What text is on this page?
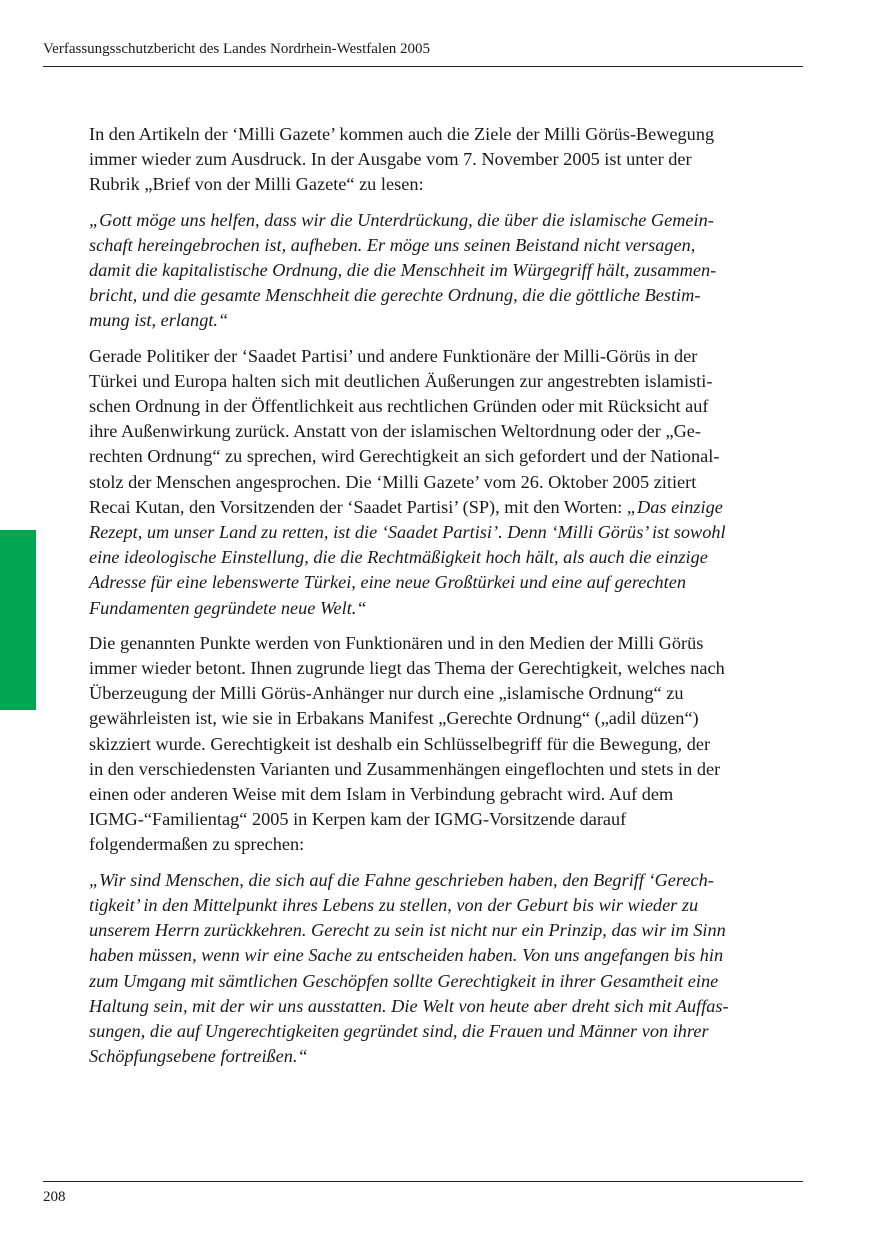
Verfassungsschutzbericht des Landes Nordrhein-Westfalen 2005

In den Artikeln der ‘Milli Gazete’ kommen auch die Ziele der Milli Görüs-Bewegung
immer wieder zum Ausdruck. In der Ausgabe vom 7. November 2005 ist unter der
Rubrik „Brief von der Milli Gazete“ zu lesen:

„Gott möge uns helfen, dass wir die Unterdrückung, die über die islamische Gemein-
schaft hereingebrochen ist, aufheben. Er möge uns seinen Beistand nicht versagen,
damit die kapitalistische Ordnung, die die Menschheit im Würgegriff hält, zusammen-
bricht, und die gesamte Menschheit die gerechte Ordnung, die die göttliche Bestim-
mung ist, erlangt.“

Gerade Politiker der ‘Saadet Partisi’ und andere Funktionäre der Milli-Görüs in der
Türkei und Europa halten sich mit deutlichen Äußerungen zur angestrebten islamisti-
schen Ordnung in der Öffentlichkeit aus rechtlichen Gründen oder mit Rücksicht auf
ihre Außenwirkung zurück. Anstatt von der islamischen Weltordnung oder der „Ge-
rechten Ordnung“ zu sprechen, wird Gerechtigkeit an sich gefordert und der National-
stolz der Menschen angesprochen. Die ‘Milli Gazete’ vom 26. Oktober 2005 zitiert
Recai Kutan, den Vorsitzenden der ‘Saadet Partisi’ (SP), mit den Worten: „Das einzige
Rezept, um unser Land zu retten, ist die ‘Saadet Partisi’. Denn ‘Milli Görüs’ ist sowohl
eine ideologische Einstellung, die die Rechtmäßigkeit hoch hält, als auch die einzige
Adresse für eine lebenswerte Türkei, eine neue Großtürkei und eine auf gerechten
Fundamenten gegründete neue Welt.“

Die genannten Punkte werden von Funktionären und in den Medien der Milli Görüs
immer wieder betont. Ihnen zugrunde liegt das Thema der Gerechtigkeit, welches nach
Überzeugung der Milli Görüs-Anhänger nur durch eine „islamische Ordnung“ zu
gewährleisten ist, wie sie in Erbakans Manifest „Gerechte Ordnung“ („adil düzen“)
skizziert wurde. Gerechtigkeit ist deshalb ein Schlüsselbegriff für die Bewegung, der
in den verschiedensten Varianten und Zusammenhängen eingeflochten und stets in der
einen oder anderen Weise mit dem Islam in Verbindung gebracht wird. Auf dem
IGMG-“Familientag“ 2005 in Kerpen kam der IGMG-Vorsitzende darauf
folgendermaßen zu sprechen:

„Wir sind Menschen, die sich auf die Fahne geschrieben haben, den Begriff ‘Gerech-
tigkeit’ in den Mittelpunkt ihres Lebens zu stellen, von der Geburt bis wir wieder zu
unserem Herrn zurückkehren. Gerecht zu sein ist nicht nur ein Prinzip, das wir im Sinn
haben müssen, wenn wir eine Sache zu entscheiden haben. Von uns angefangen bis hin
zum Umgang mit sämtlichen Geschöpfen sollte Gerechtigkeit in ihrer Gesamtheit eine
Haltung sein, mit der wir uns ausstatten. Die Welt von heute aber dreht sich mit Auffas-
sungen, die auf Ungerechtigkeiten gegründet sind, die Frauen und Männer von ihrer
Schöpfungsebene fortreißen.“

208
